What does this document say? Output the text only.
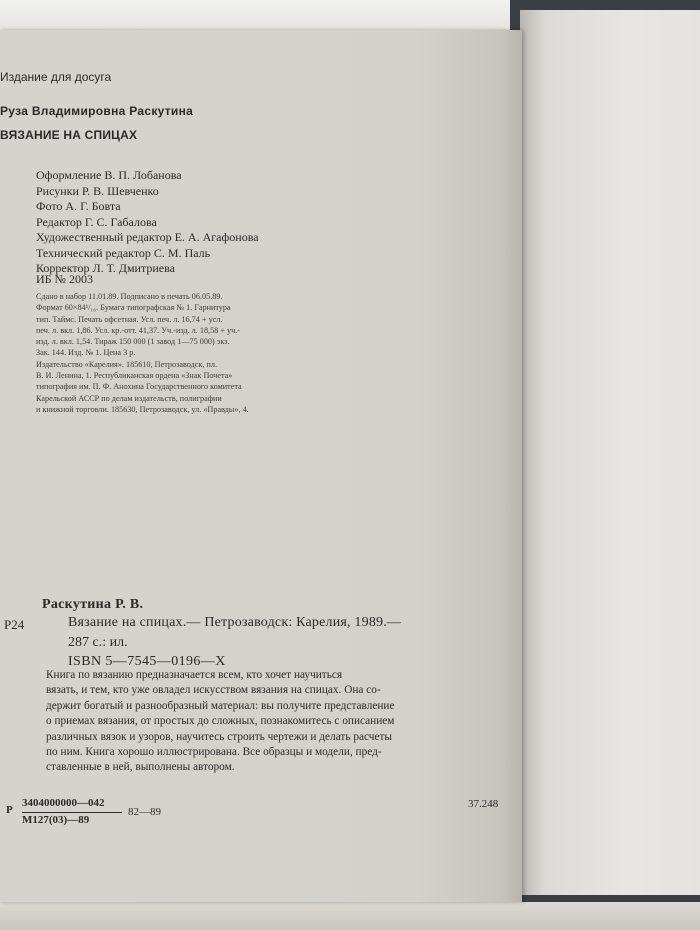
Издание для досуга
Руза Владимировна Раскутина
ВЯЗАНИЕ НА СПИЦАХ
Оформление В. П. Лобанова
Рисунки Р. В. Шевченко
Фото А. Г. Бовта
Редактор Г. С. Габалова
Художественный редактор Е. А. Агафонова
Технический редактор С. М. Паль
Корректор Л. Т. Дмитриева
ИБ № 2003
Сдано в набор 11.01.89. Подписано в печать 06.05.89.
Формат 60×84¹/₁₆. Бумага типографская № 1. Гарнитура
тип. Таймс. Печать офсетная. Усл. печ. л. 16,74 + усл.
печ. л. вкл. 1,86. Усл. кр.-отт. 41,37. Уч.-изд. л. 18,58 + уч.-
изд. л. вкл. 1,54. Тираж 150 000 (1 завод 1—75 000) экз.
Зак. 144. Изд. № 1. Цена 3 р.
Издательство «Карелия». 185610, Петрозаводск, пл.
В. И. Ленина, 1. Республиканская ордена «Знак Почета»
типография им. П. Ф. Анохина Государственного комитета
Карельской АССР по делам издательств, полиграфии
и книжной торговли. 185630, Петрозаводск, ул. «Правды», 4.
Раскутина Р. В.
Р24	Вязание на спицах.— Петрозаводск: Карелия, 1989.—
287 с.: ил.
ISBN 5—7545—0196—X
Книга по вязанию предназначается всем, кто хочет научиться
вязать, и тем, кто уже овладел искусством вязания на спицах. Она со-
держит богатый и разнообразный материал: вы получите представление
о приемах вязания, от простых до сложных, познакомитесь с описанием
различных вязок и узоров, научитесь строить чертежи и делать расчеты
по ним. Книга хорошо иллюстрирована. Все образцы и модели, пред-
ставленные в ней, выполнены автором.
Р
3404000000—042
М127(03)—89
82—89
37.248
